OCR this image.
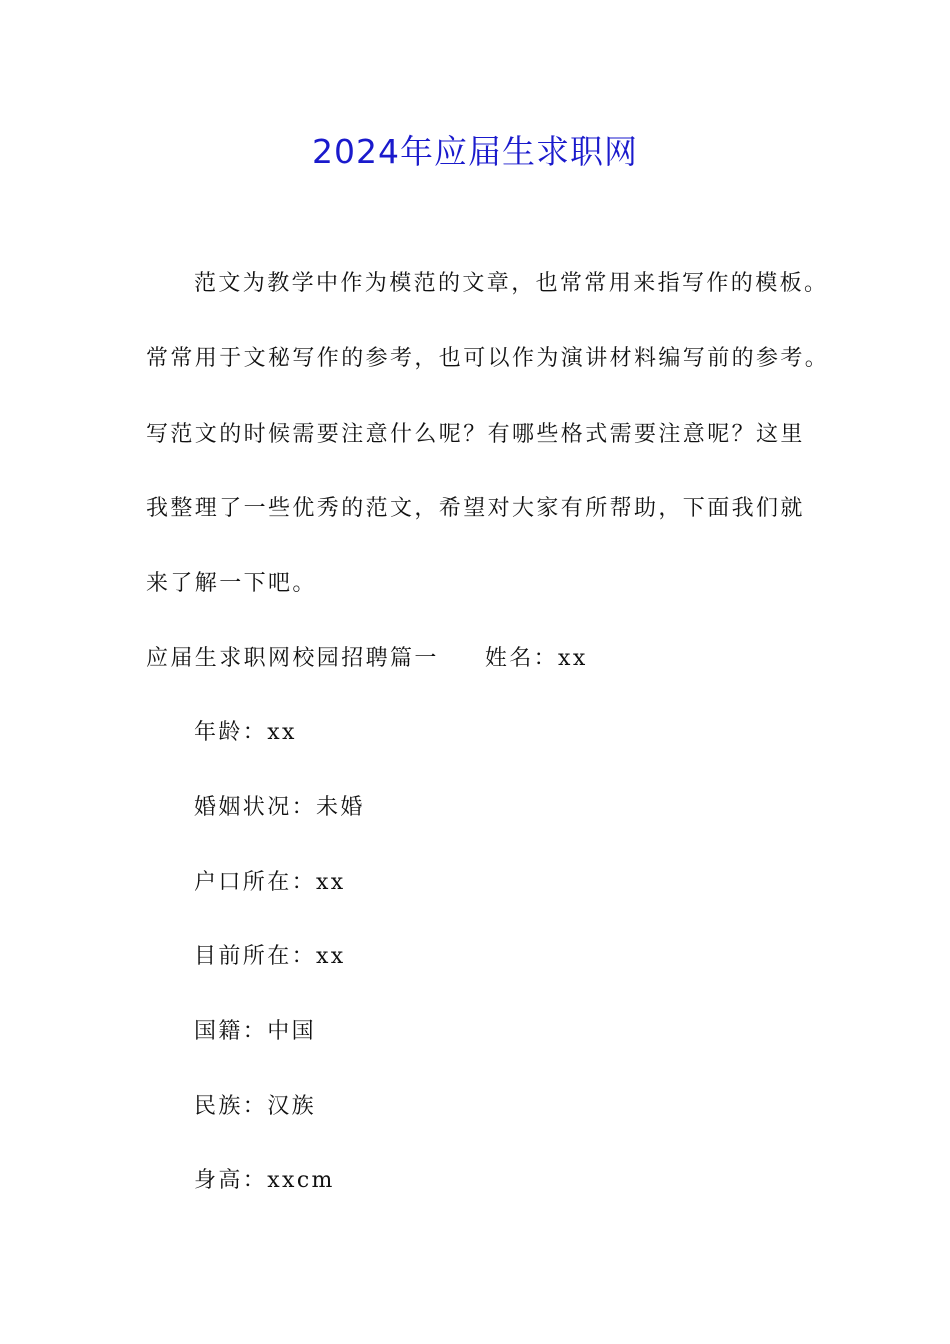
2024年应届生求职网
范文为教学中作为模范的文章，也常常用来指写作的模板。
常常用于文秘写作的参考，也可以作为演讲材料编写前的参考。
写范文的时候需要注意什么呢？有哪些格式需要注意呢？这里
我整理了一些优秀的范文，希望对大家有所帮助，下面我们就
来了解一下吧。
应届生求职网校园招聘篇一 姓名：xx
年龄：xx
婚姻状况：未婚
户口所在：xx
目前所在：xx
国籍：中国
民族：汉族
身高：xxcm
